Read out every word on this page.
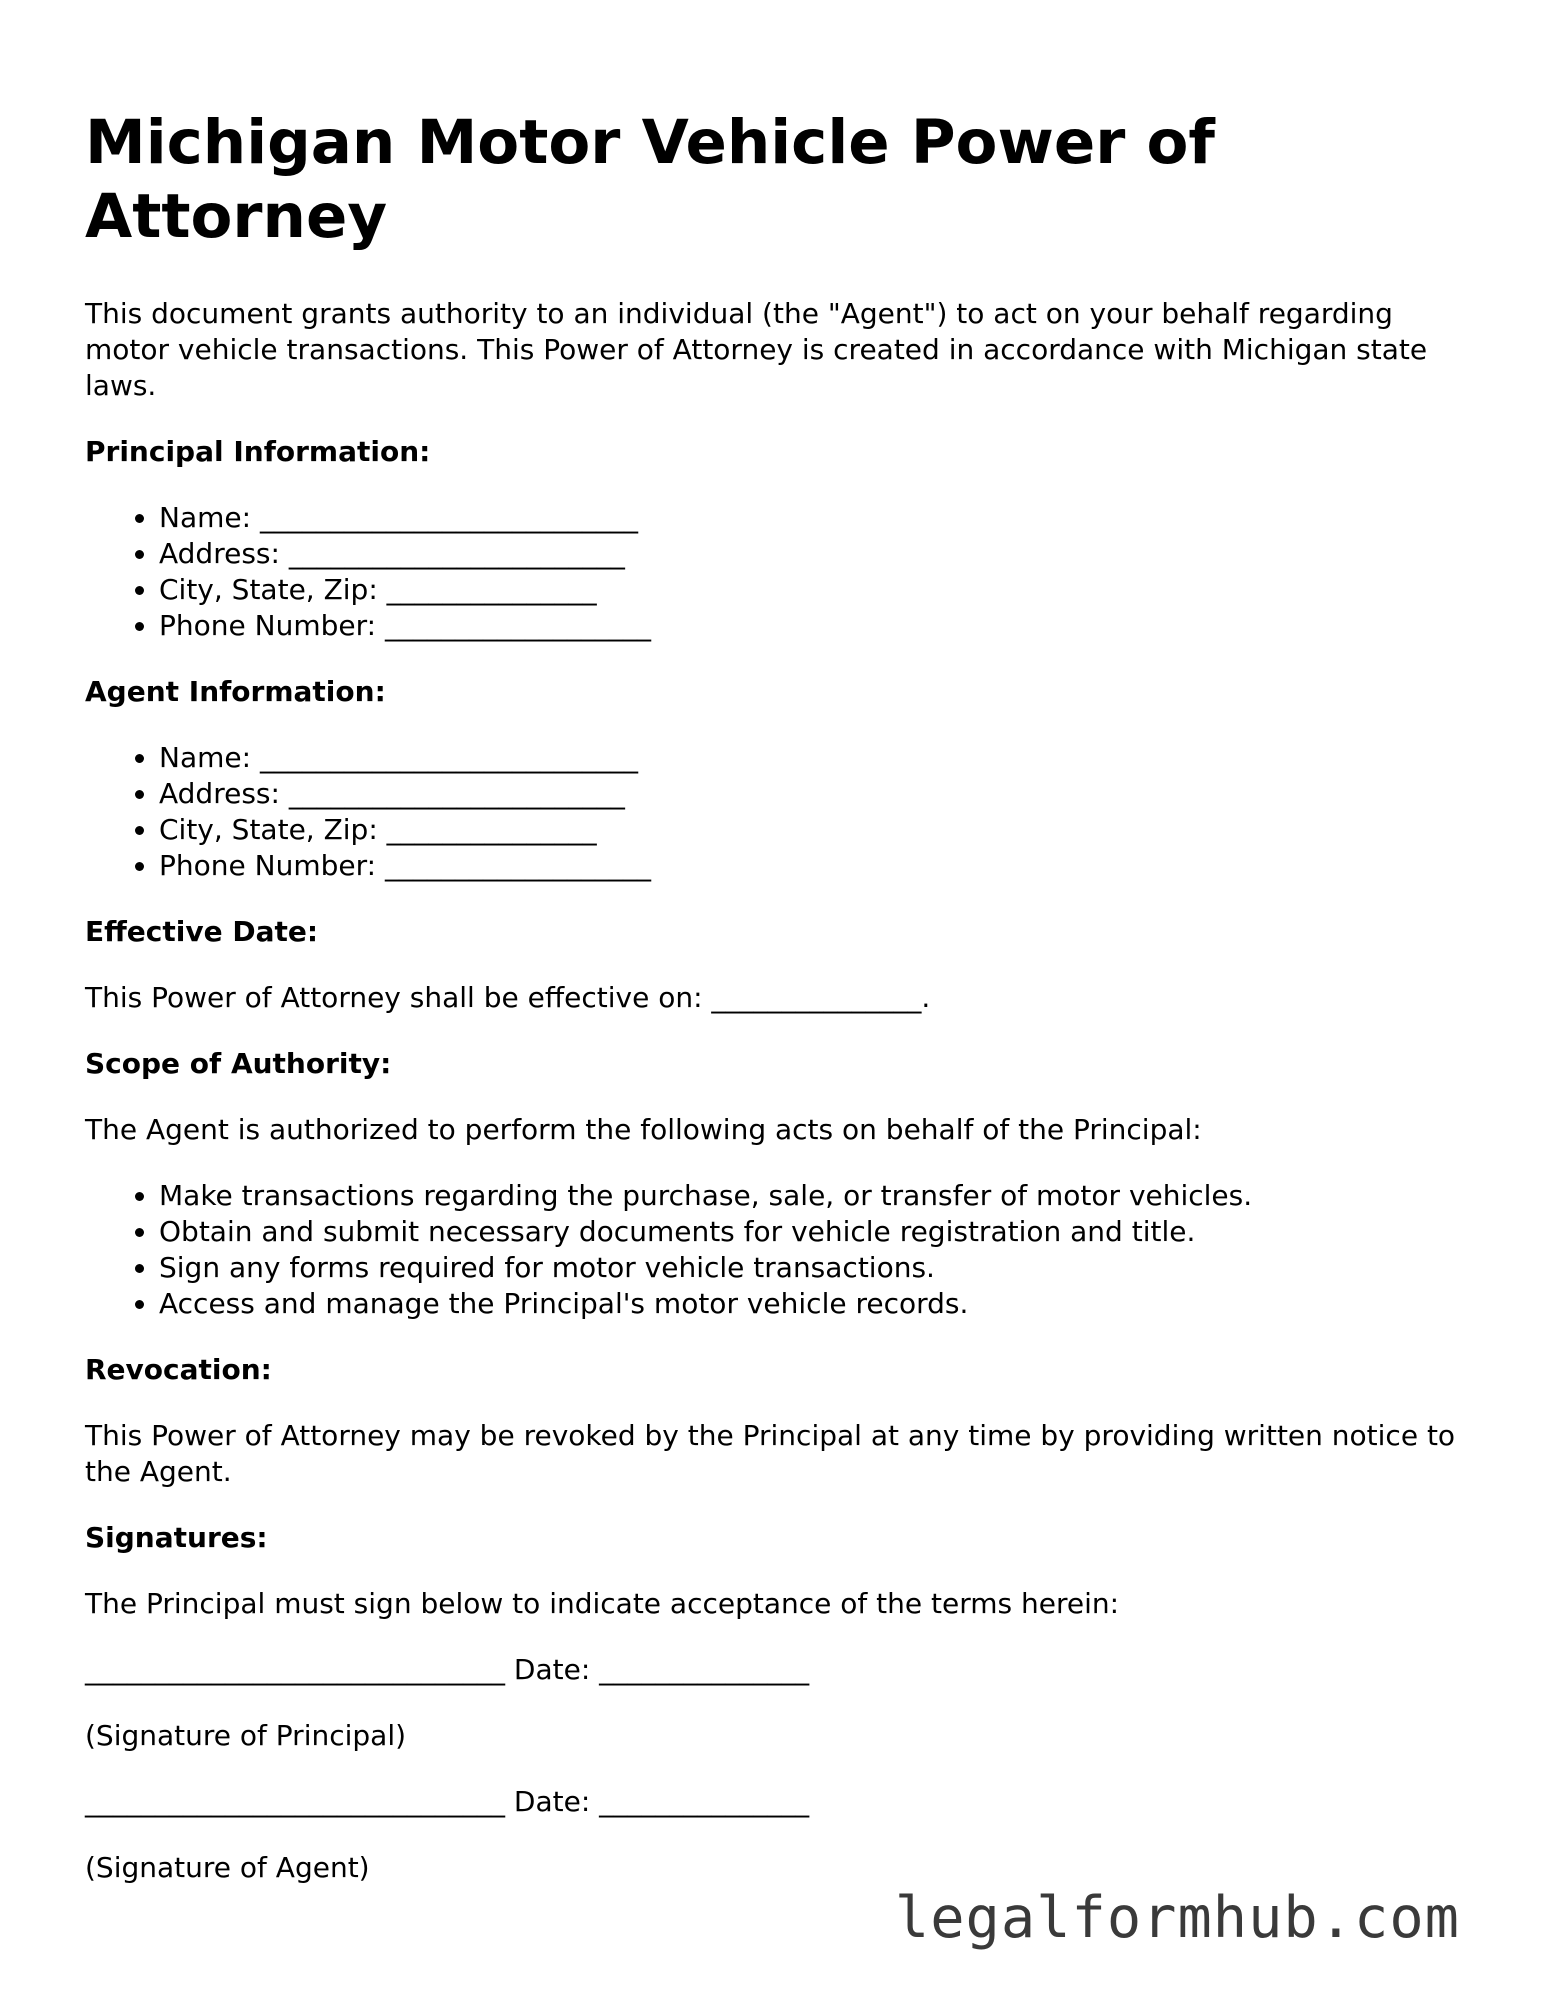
Michigan Motor Vehicle Power of Attorney

This document grants authority to an individual (the "Agent") to act on your behalf regarding motor vehicle transactions. This Power of Attorney is created in accordance with Michigan state laws.

Principal Information:
• Name: ___________________________
• Address: ________________________
• City, State, Zip: _______________
• Phone Number: ___________________
Agent Information:
• Name: ___________________________
• Address: ________________________
• City, State, Zip: _______________
• Phone Number: ___________________
Effective Date:

This Power of Attorney shall be effective on: _______________.

Scope of Authority:

The Agent is authorized to perform the following acts on behalf of the Principal:

• Make transactions regarding the purchase, sale, or transfer of motor vehicles.
• Obtain and submit necessary documents for vehicle registration and title.
• Sign any forms required for motor vehicle transactions.
• Access and manage the Principal's motor vehicle records.
Revocation:

This Power of Attorney may be revoked by the Principal at any time by providing written notice to the Agent.

Signatures:

The Principal must sign below to indicate acceptance of the terms herein:

______________________________ Date: _______________

(Signature of Principal)

______________________________ Date: _______________

(Signature of Agent)

legalformhub.com
